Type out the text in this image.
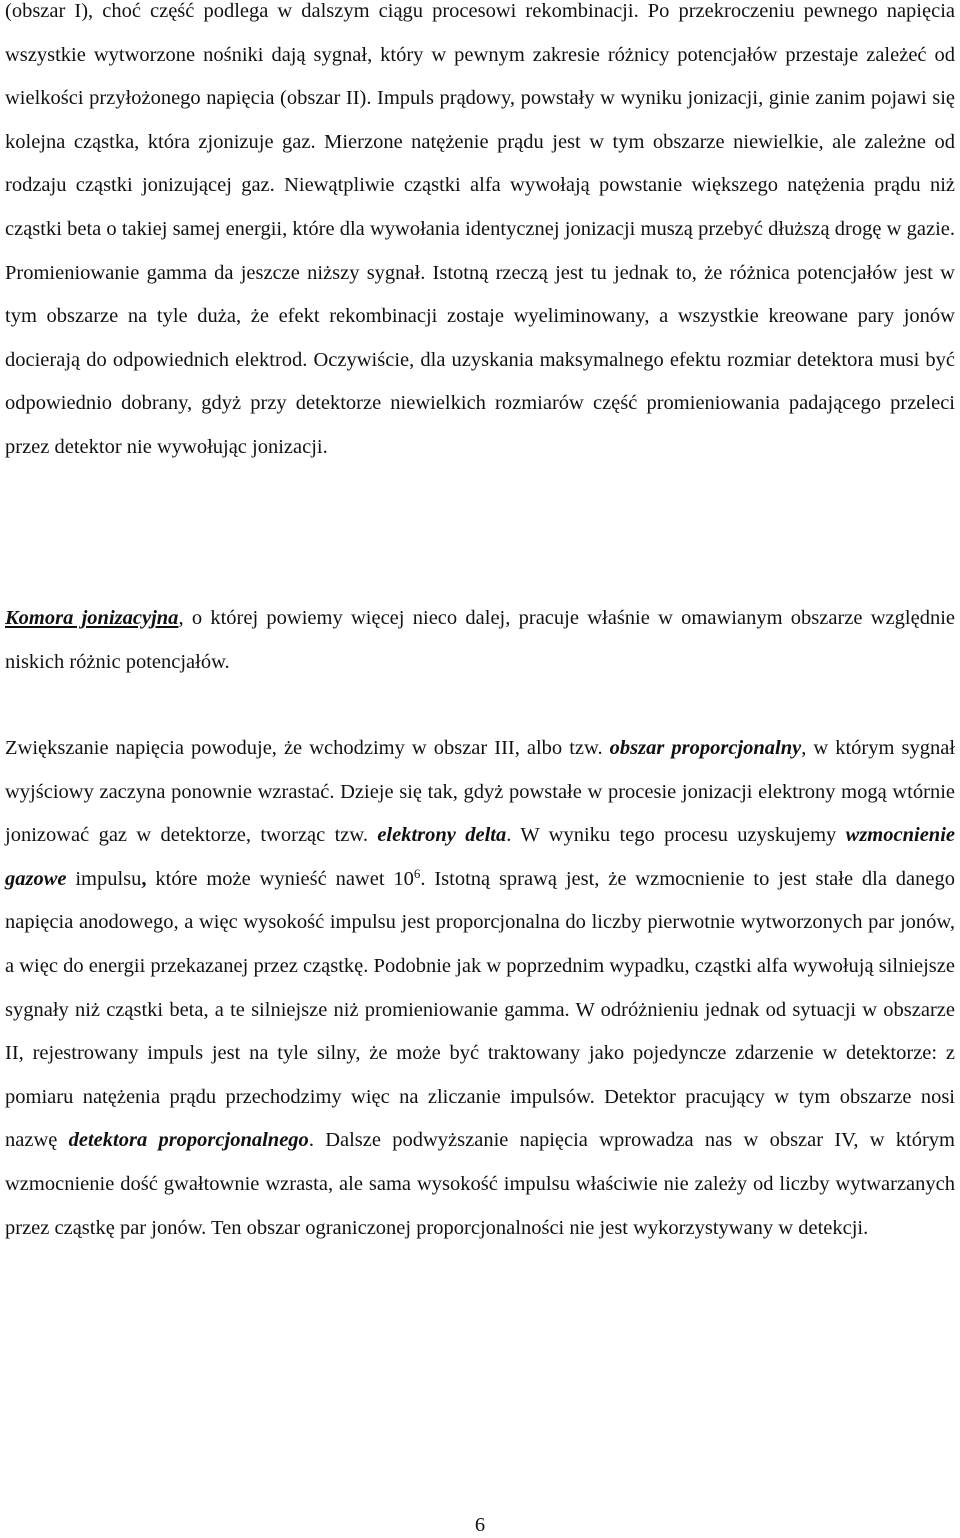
(obszar I), choć część podlega w dalszym ciągu procesowi rekombinacji. Po przekroczeniu pewnego napięcia wszystkie wytworzone nośniki dają sygnał, który w pewnym zakresie różnicy potencjałów przestaje zależeć od wielkości przyłożonego napięcia (obszar II). Impuls prądowy, powstały w wyniku jonizacji, ginie zanim pojawi się kolejna cząstka, która zjonizuje gaz. Mierzone natężenie prądu jest w tym obszarze niewielkie, ale zależne od rodzaju cząstki jonizującej gaz. Niewątpliwie cząstki alfa wywołają powstanie większego natężenia prądu niż cząstki beta o takiej samej energii, które dla wywołania identycznej jonizacji muszą przebyć dłuższą drogę w gazie. Promieniowanie gamma da jeszcze niższy sygnał. Istotną rzeczą jest tu jednak to, że różnica potencjałów jest w tym obszarze na tyle duża, że efekt rekombinacji zostaje wyeliminowany, a wszystkie kreowane pary jonów docierają do odpowiednich elektrod. Oczywiście, dla uzyskania maksymalnego efektu rozmiar detektora musi być odpowiednio dobrany, gdyż przy detektorze niewielkich rozmiarów część promieniowania padającego przeleci przez detektor nie wywołując jonizacji.

Komora jonizacyjna, o której powiemy więcej nieco dalej, pracuje właśnie w omawianym obszarze względnie niskich różnic potencjałów.

Zwiększanie napięcia powoduje, że wchodzimy w obszar III, albo tzw. obszar proporcjonalny, w którym sygnał wyjściowy zaczyna ponownie wzrastać. Dzieje się tak, gdyż powstałe w procesie jonizacji elektrony mogą wtórnie jonizować gaz w detektorze, tworząc tzw. elektrony delta. W wyniku tego procesu uzyskujemy wzmocnienie gazowe impulsu, które może wynieść nawet $10^6$. Istotną sprawą jest, że wzmocnienie to jest stałe dla danego napięcia anodowego, a więc wysokość impulsu jest proporcjonalna do liczby pierwotnie wytworzonych par jonów, a więc do energii przekazanej przez cząstkę. Podobnie jak w poprzednim wypadku, cząstki alfa wywołują silniejsze sygnały niż cząstki beta, a te silniejsze niż promieniowanie gamma. W odróżnieniu jednak od sytuacji w obszarze II, rejestrowany impuls jest na tyle silny, że może być traktowany jako pojedyncze zdarzenie w detektorze: z pomiaru natężenia prądu przechodzimy więc na zliczanie impulsów. Detektor pracujący w tym obszarze nosi nazwę detektora proporcjonalnego. Dalsze podwyższanie napięcia wprowadza nas w obszar IV, w którym wzmocnienie dość gwałtownie wzrasta, ale sama wysokość impulsu właściwie nie zależy od liczby wytwarzanych przez cząstkę par jonów. Ten obszar ograniczonej proporcjonalności nie jest wykorzystywany w detekcji.

6
